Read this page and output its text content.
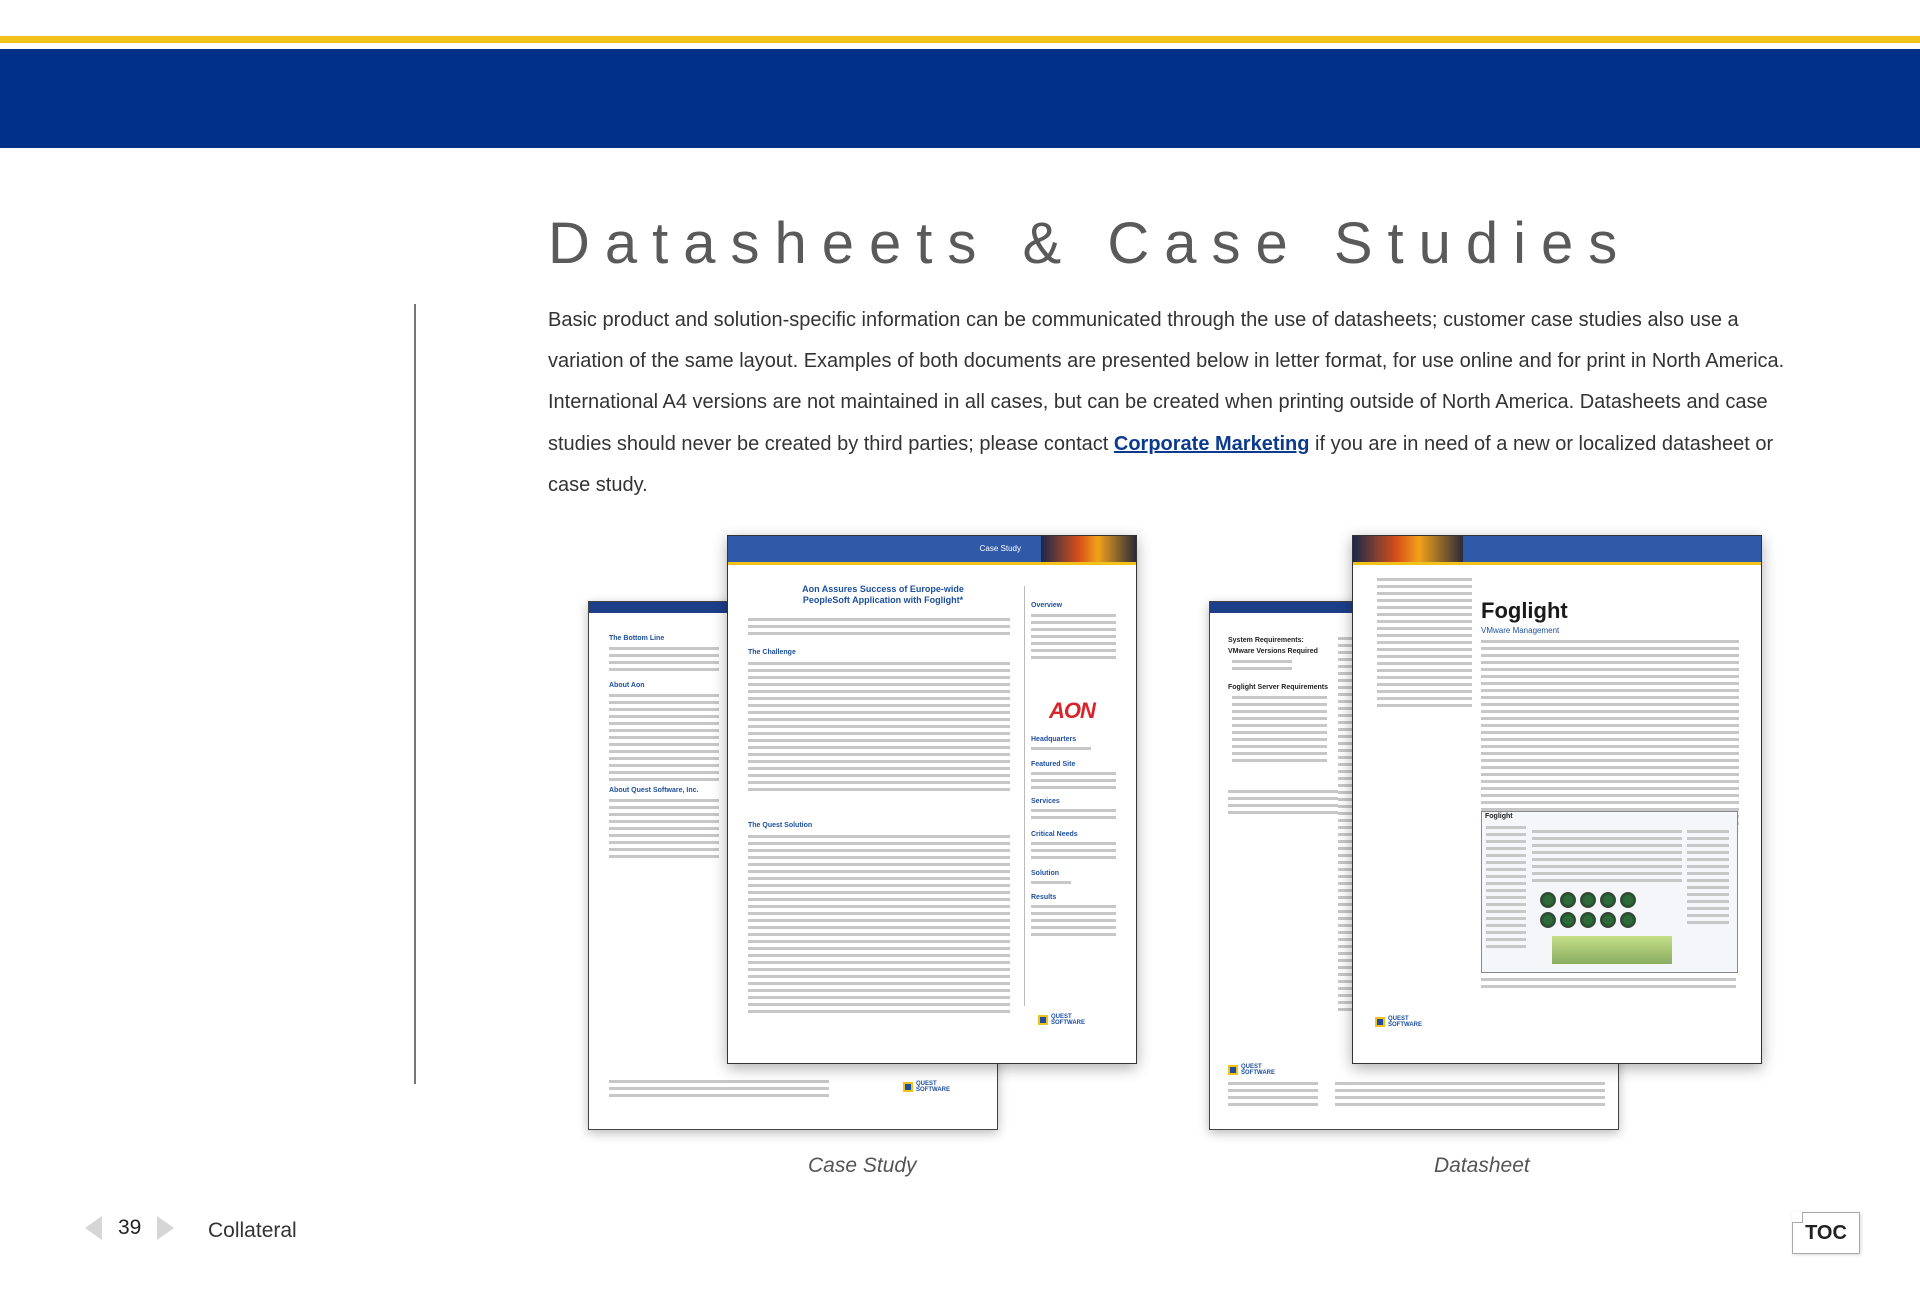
Datasheets & Case Studies

Basic product and solution-specific information can be communicated through the use of datasheets; customer case studies also use a variation of the same layout. Examples of both documents are presented below in letter format, for use online and for print in North America. International A4 versions are not maintained in all cases, but can be created when printing outside of North America. Datasheets and case studies should never be created by third parties; please contact Corporate Marketing if you are in need of a new or localized datasheet or case study.

The Bottom Line
About Aon
About Quest Software, Inc.
QUEST
SOFTWARE
Case Study
Aon Assures Success of Europe-wide PeopleSoft Application with Foglight*
The Challenge
The Quest Solution
Overview
AON
Headquarters
Featured Site
Services
Critical Needs
Solution
Results
QUEST
SOFTWARE
Case Study
System Requirements:
VMware Versions Required
Foglight Server Requirements
QUEST
SOFTWARE
Foglight
VMware Management
Foglight
QUEST
SOFTWARE
Datasheet
39	Collateral	TOC
